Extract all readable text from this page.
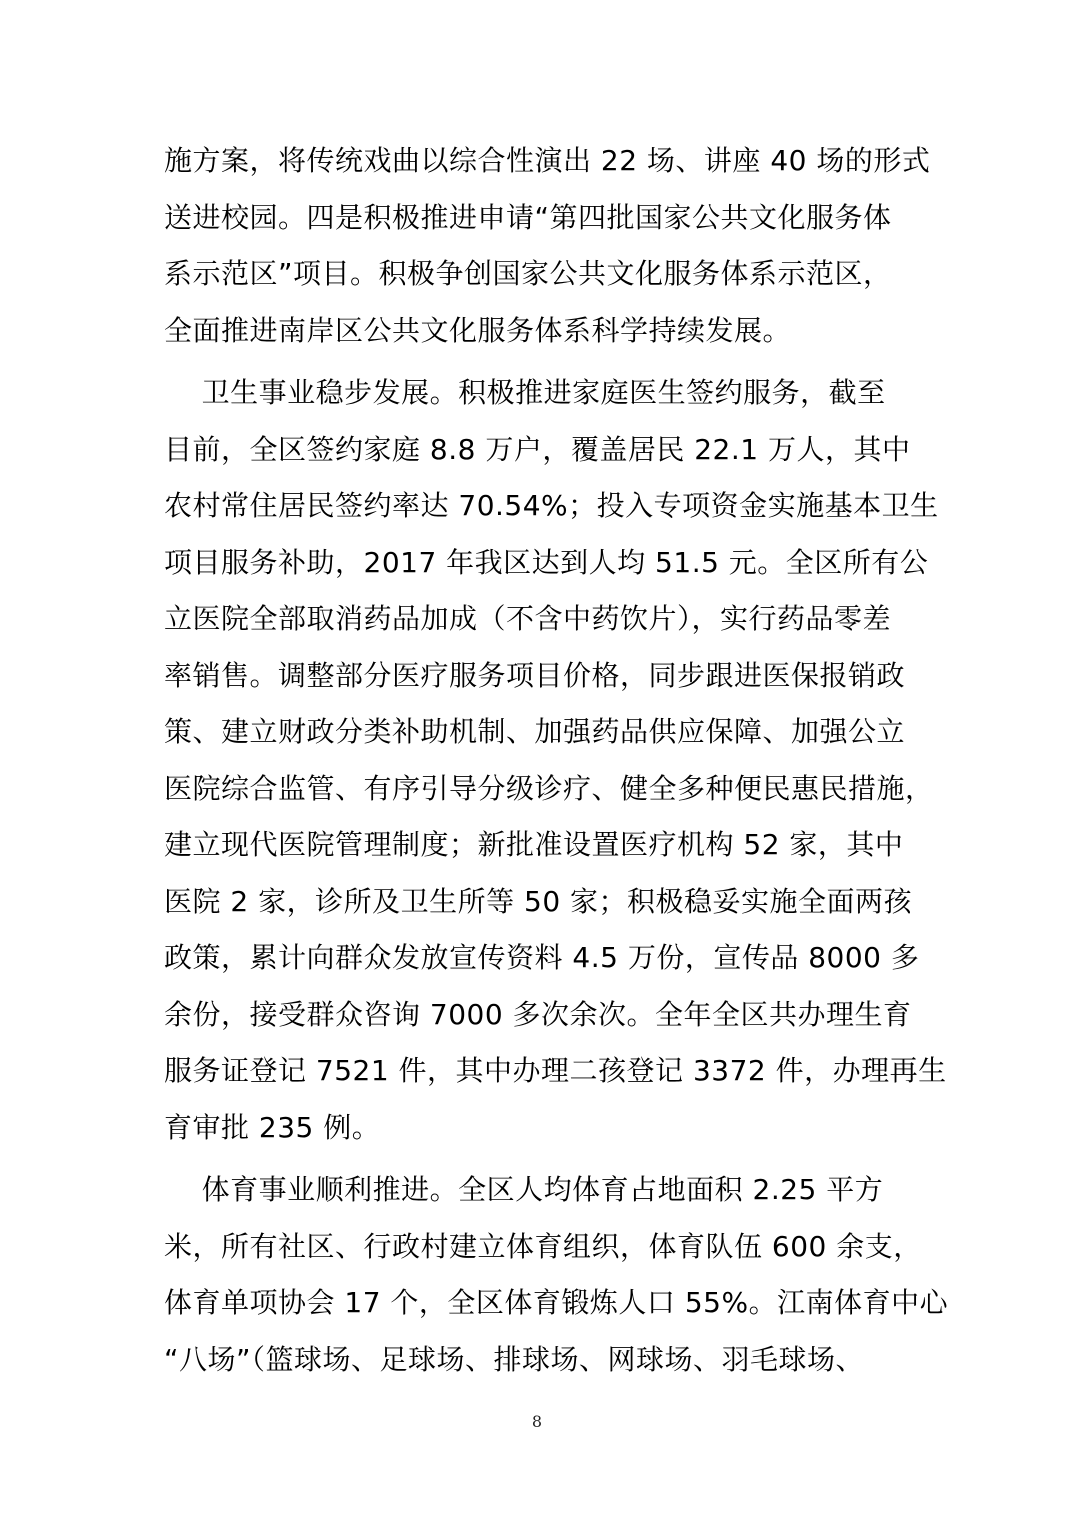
施方案，将传统戏曲以综合性演出 22 场、讲座 40 场的形式
送进校园。四是积极推进申请“第四批国家公共文化服务体
系示范区”项目。积极争创国家公共文化服务体系示范区，
全面推进南岸区公共文化服务体系科学持续发展。
卫生事业稳步发展。积极推进家庭医生签约服务，截至
目前，全区签约家庭 8.8 万户，覆盖居民 22.1 万人，其中
农村常住居民签约率达 70.54%；投入专项资金实施基本卫生
项目服务补助，2017 年我区达到人均 51.5 元。全区所有公
立医院全部取消药品加成（不含中药饮片），实行药品零差
率销售。调整部分医疗服务项目价格，同步跟进医保报销政
策、建立财政分类补助机制、加强药品供应保障、加强公立
医院综合监管、有序引导分级诊疗、健全多种便民惠民措施，
建立现代医院管理制度；新批准设置医疗机构 52 家，其中
医院 2 家，诊所及卫生所等 50 家；积极稳妥实施全面两孩
政策，累计向群众发放宣传资料 4.5 万份，宣传品 8000 多
余份，接受群众咨询 7000 多次余次。全年全区共办理生育
服务证登记 7521 件，其中办理二孩登记 3372 件，办理再生
育审批 235 例。
体育事业顺利推进。全区人均体育占地面积 2.25 平方
米，所有社区、行政村建立体育组织，体育队伍 600 余支，
体育单项协会 17 个，全区体育锻炼人口 55%。江南体育中心
“八场”（篮球场、足球场、排球场、网球场、羽毛球场、
8
